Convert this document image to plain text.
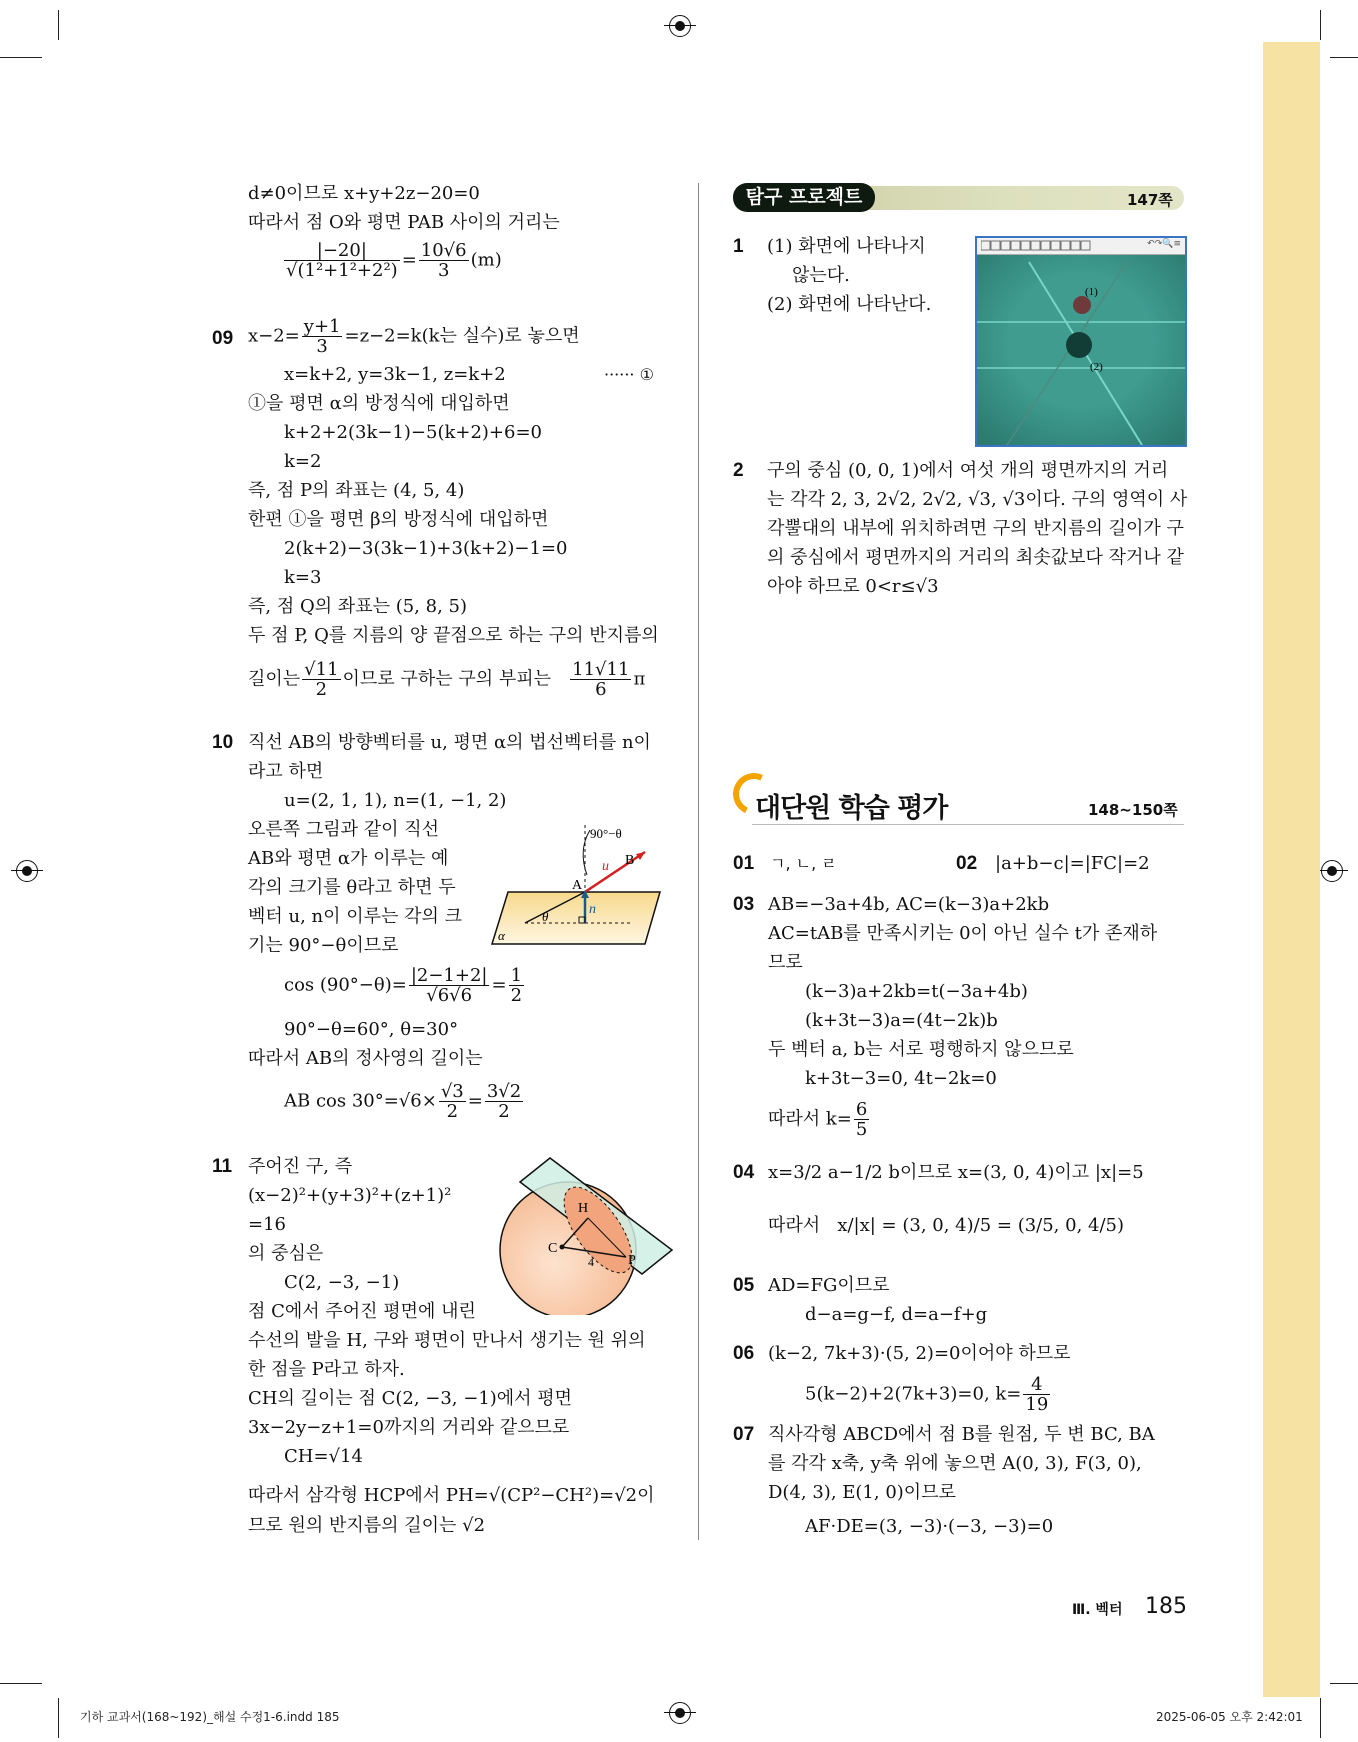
d≠0이므로 x+y+2z−20=0
따라서 점 O와 평면 PAB 사이의 거리는
$\frac{|-20|}{\text{√(1²+1²+2²)}} = \frac{10√6}{3} (m)$
09 $x-2= \frac{y+1}{3} =z-2=k(k$는 실수)로 놓으면
x=k+2, y=3k−1, z=k+2	······ ①
①을 평면 α의 방정식에 대입하면
k+2+2(3k−1)−5(k+2)+6=0
k=2
즉, 점 P의 좌표는 (4, 5, 4)
한편 ①을 평면 β의 방정식에 대입하면
2(k+2)−3(3k−1)+3(k+2)−1=0
k=3
즉, 점 Q의 좌표는 (5, 8, 5)
두 점 P, Q를 지름의 양 끝점으로 하는 구의 반지름의
길이는 $\frac{√11}{2}$ 이므로 구하는 구의 부피는 $\frac{11√11}{6}$ π
10 직선 AB의 방향벡터를 u, 평면 α의 법선벡터를 n이
라고 하면
u=(2, 1, 1), n=(1, −1, 2)
오른쪽 그림과 같이 직선
AB와 평면 α가 이루는 예
각의 크기를 θ라고 하면 두
벡터 u, n이 이루는 각의 크
기는 90°−θ이므로
$\cos (90^\circ-\theta)= \frac{|2-1+2|}{√6√6} = \frac{1}{2}$
90°−θ=60°, θ=30°
따라서 AB의 정사영의 길이는
AB $\cos 30^\circ=√6\times \frac{√3}{2} = \frac{3√2}{2}$
90°−θ
u B
A
n
θ
α
11 주어진 구, 즉
(x−2)²+(y+3)²+(z+1)²
=16
의 중심은
C(2, −3, −1)
점 C에서 주어진 평면에 내린
수선의 발을 H, 구와 평면이 만나서 생기는 원 위의
한 점을 P라고 하자.
CH의 길이는 점 C(2, −3, −1)에서 평면
3x−2y−z+1=0까지의 거리와 같으므로
CH=√14
따라서 삼각형 HCP에서 PH=√(CP²−CH²)=√2이
므로 원의 반지름의 길이는 √2
H
C
P
4
탐구 프로젝트	147쪽
1 (1) 화면에 나타나지
않는다.
(2) 화면에 나타난다.
↶↷🔍≡
(1)
(2)
2 구의 중심 (0, 0, 1)에서 여섯 개의 평면까지의 거리
는 각각 2, 3, 2√2, 2√2, √3, √3이다. 구의 영역이 사
각뿔대의 내부에 위치하려면 구의 반지름의 길이가 구
의 중심에서 평면까지의 거리의 최솟값보다 작거나 같
아야 하므로 0<r≤√3
대단원 학습 평가	148~150쪽
01 ㄱ, ㄴ, ㄹ	02 |a+b−c|=|FC|=2
03 AB=−3a+4b, AC=(k−3)a+2kb
AC=tAB를 만족시키는 0이 아닌 실수 t가 존재하
므로
(k−3)a+2kb=t(−3a+4b)
(k+3t−3)a=(4t−2k)b
두 벡터 a, b는 서로 평행하지 않으므로
k+3t−3=0, 4t−2k=0
따라서 $k= \frac{6}{5}$
04 x=3/2 a−1/2 b이므로 x=(3, 0, 4)이고 |x|=5
따라서 x/|x| = (3, 0, 4)/5 = (3/5, 0, 4/5)
05 AD=FG이므로
d−a=g−f, d=a−f+g
06 (k−2, 7k+3)·(5, 2)=0이어야 하므로
5(k−2)+2(7k+3)=0, $k= \frac{4}{19}$
07 직사각형 ABCD에서 점 B를 원점, 두 변 BC, BA
를 각각 x축, y축 위에 놓으면 A(0, 3), F(3, 0),
D(4, 3), E(1, 0)이므로
AF·DE=(3, −3)·(−3, −3)=0
Ⅲ. 벡터 185
기하 교과서(168~192)_해설 수정1-6.indd 185	2025-06-05 오후 2:42:01
